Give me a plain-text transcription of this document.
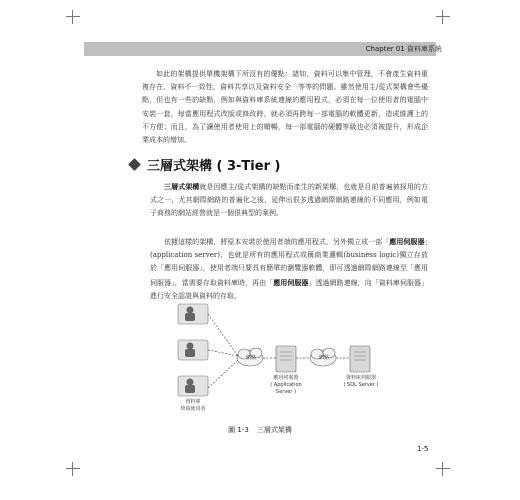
Chapter 01 資料庫系統

如此的架構提供單機架構下所沒有的優點：諸如，資料可以集中管理，不會產生資料重複存在、資料不一致性，資料共享以及資料安全⋯等等的問題。雖然使用主/從式架構會些優點，但也有一些的缺點，例如與資料庫系統連線的應用程式，必須在每一位使用者的電腦中安裝一套，每當應用程式改版或修改時，就必須再跨每一部電腦的軟體更新，造成維護上的不方便；而且，為了讓使用者使用上的順暢，每一部電腦的硬體等級也必須被提升，形成企業成本的增加。

三層式架構 ( 3-Tier )

三層式架構就是因應主/從式架構的缺點而產生的新架構，也就是目前普遍被採用的方式之一，尤其網際網路的普遍化之後，延伸出很多透過網際網路連線的不同應用，例如電子商務的網站經營就是一個很典型的案例。

依據這樣的架構，將原本安裝於使用者端的應用程式，另外獨立成一部「應用伺服器」(application server)，也就是所有的應用程式或稱商業邏輯(business logic)獨立存放於「應用伺服器」，使用者端只要具有簡單的瀏覽器軟體，即可透過網際網路連線至「應用伺服器」，當需要存取資料庫時，再由「應用伺服器」透過網路連線，向「資料庫伺服器」進行安全認證與資料的存取。

網路	網路
應用伺服器
( Application Server )
資料庫伺服器
( SQL Server )
資料庫
終端使用者
圖 1-3 三層式架構
1-5
